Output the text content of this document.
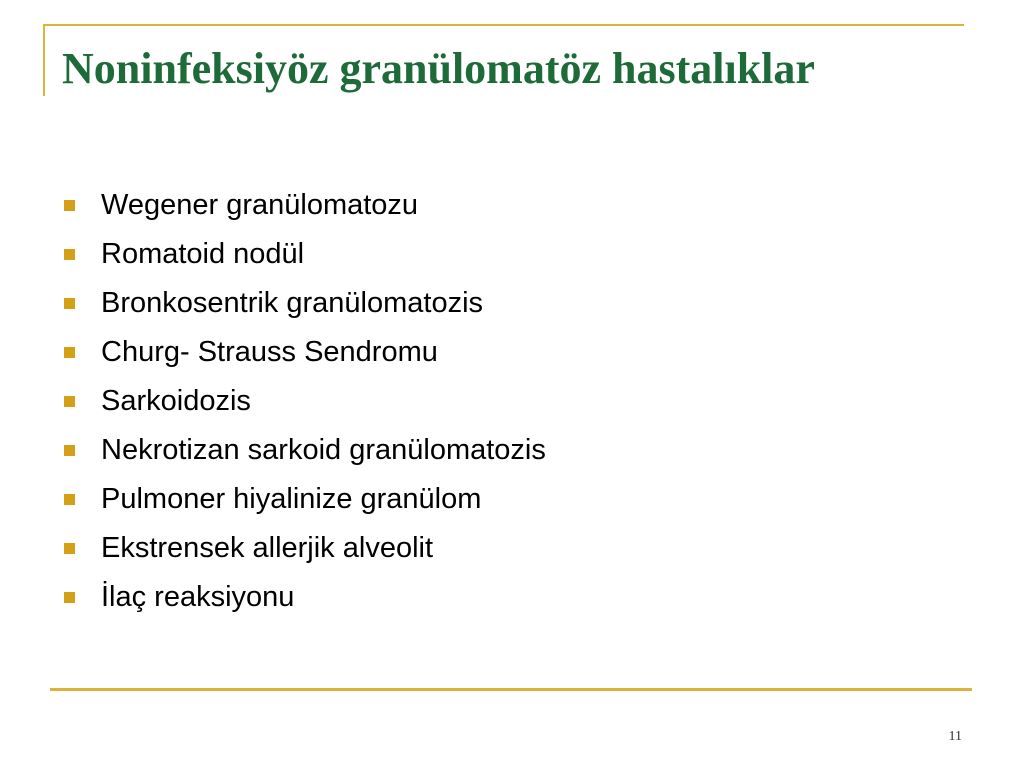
Noninfeksiyöz granülomatöz hastalıklar
Wegener granülomatozu
Romatoid nodül
Bronkosentrik granülomatozis
Churg- Strauss Sendromu
Sarkoidozis
Nekrotizan sarkoid granülomatozis
Pulmoner hiyalinize granülom
Ekstrensek allerjik alveolit
İlaç reaksiyonu
11
